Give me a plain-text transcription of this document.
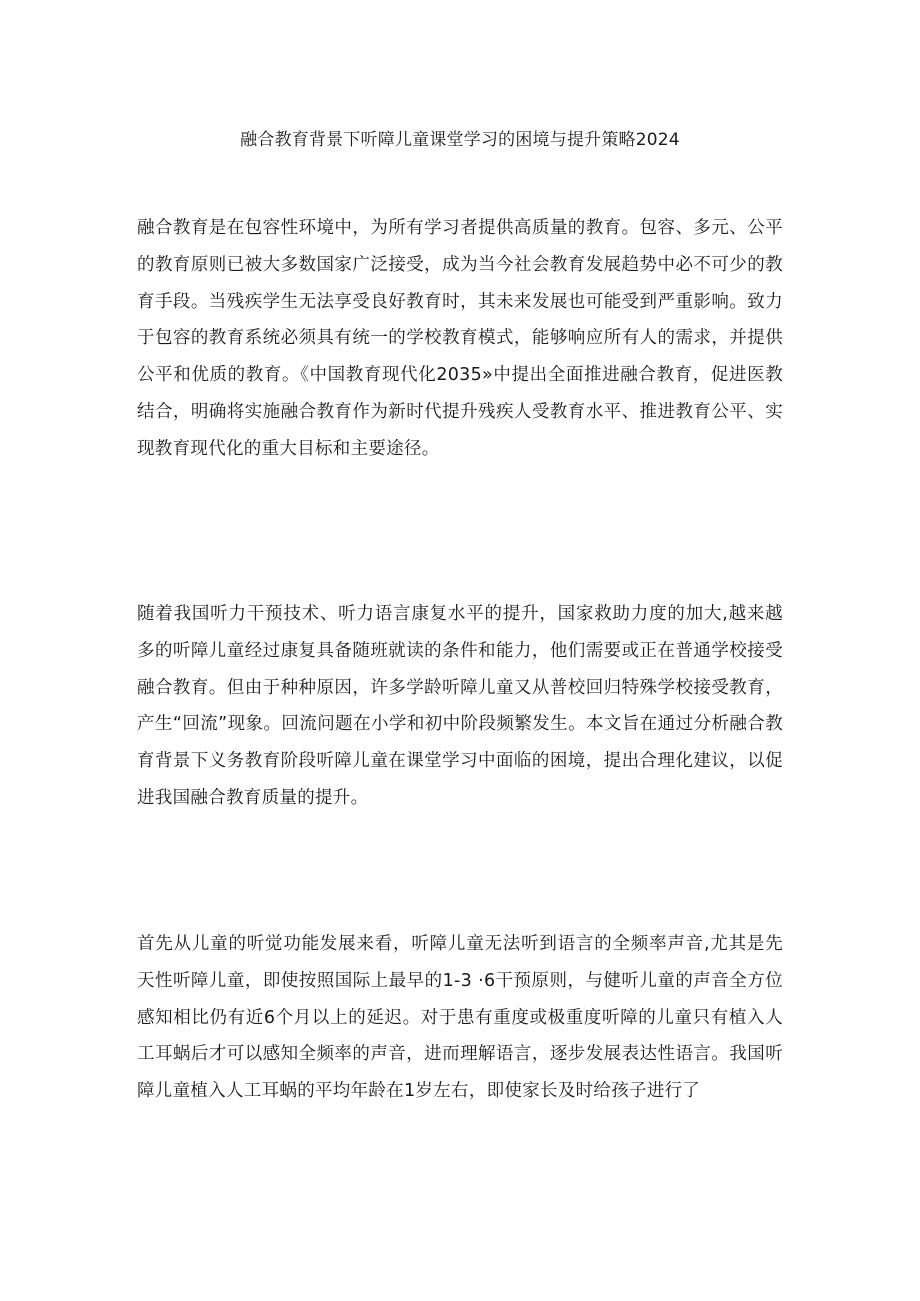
融合教育背景下听障儿童课堂学习的困境与提升策略2024

融合教育是在包容性环境中，为所有学习者提供高质量的教育。包容、多元、公平的教育原则已被大多数国家广泛接受，成为当今社会教育发展趋势中必不可少的教育手段。当残疾学生无法享受良好教育时，其未来发展也可能受到严重影响。致力于包容的教育系统必须具有统一的学校教育模式，能够响应所有人的需求，并提供公平和优质的教育。《中国教育现代化2035»中提出全面推进融合教育，促进医教结合，明确将实施融合教育作为新时代提升残疾人受教育水平、推进教育公平、实现教育现代化的重大目标和主要途径。

随着我国听力干预技术、听力语言康复水平的提升，国家救助力度的加大,越来越多的听障儿童经过康复具备随班就读的条件和能力，他们需要或正在普通学校接受融合教育。但由于种种原因，许多学龄听障儿童又从普校回归特殊学校接受教育，产生“回流”现象。回流问题在小学和初中阶段频繁发生。本文旨在通过分析融合教育背景下义务教育阶段听障儿童在课堂学习中面临的困境，提出合理化建议，以促进我国融合教育质量的提升。

首先从儿童的听觉功能发展来看，听障儿童无法听到语言的全频率声音,尤其是先天性听障儿童，即使按照国际上最早的1-3 ·6干预原则，与健听儿童的声音全方位感知相比仍有近6个月以上的延迟。对于患有重度或极重度听障的儿童只有植入人工耳蜗后才可以感知全频率的声音，进而理解语言，逐步发展表达性语言。我国听障儿童植入人工耳蜗的平均年龄在1岁左右，即使家长及时给孩子进行了
